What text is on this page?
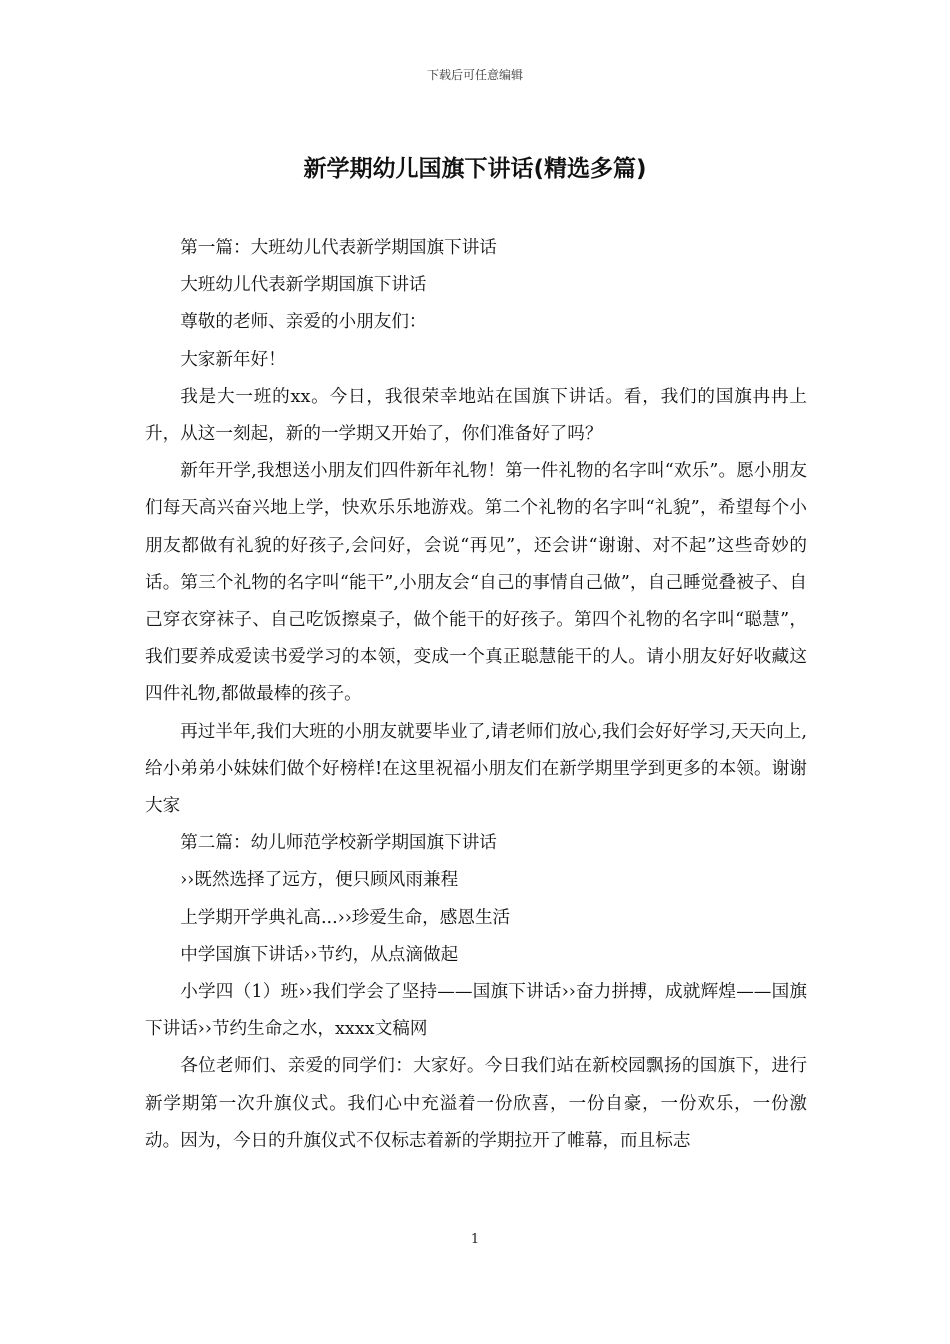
下载后可任意编辑
新学期幼儿国旗下讲话(精选多篇)

第一篇：大班幼儿代表新学期国旗下讲话

大班幼儿代表新学期国旗下讲话

尊敬的老师、亲爱的小朋友们：

大家新年好！

我是大一班的xx。今日，我很荣幸地站在国旗下讲话。看，我们的国旗冉冉上升，从这一刻起，新的一学期又开始了，你们准备好了吗？

新年开学,我想送小朋友们四件新年礼物！第一件礼物的名字叫“欢乐”。愿小朋友们每天高兴奋兴地上学，快欢乐乐地游戏。第二个礼物的名字叫“礼貌”，希望每个小朋友都做有礼貌的好孩子,会问好，会说“再见”，还会讲“谢谢、对不起”这些奇妙的话。第三个礼物的名字叫“能干”,小朋友会“自己的事情自己做”，自己睡觉叠被子、自己穿衣穿袜子、自己吃饭擦桌子，做个能干的好孩子。第四个礼物的名字叫“聪慧”，我们要养成爱读书爱学习的本领，变成一个真正聪慧能干的人。请小朋友好好收藏这四件礼物,都做最棒的孩子。

再过半年,我们大班的小朋友就要毕业了,请老师们放心,我们会好好学习,天天向上,给小弟弟小妹妹们做个好榜样!在这里祝福小朋友们在新学期里学到更多的本领。谢谢大家

第二篇：幼儿师范学校新学期国旗下讲话

››既然选择了远方，便只顾风雨兼程

上学期开学典礼高...››珍爱生命，感恩生活

中学国旗下讲话››节约，从点滴做起

小学四（1）班››我们学会了坚持——国旗下讲话››奋力拼搏，成就辉煌——国旗下讲话››节约生命之水，xxxx文稿网

各位老师们、亲爱的同学们：大家好。今日我们站在新校园飘扬的国旗下，进行新学期第一次升旗仪式。我们心中充溢着一份欣喜，一份自豪，一份欢乐，一份激动。因为，今日的升旗仪式不仅标志着新的学期拉开了帷幕，而且标志

1
